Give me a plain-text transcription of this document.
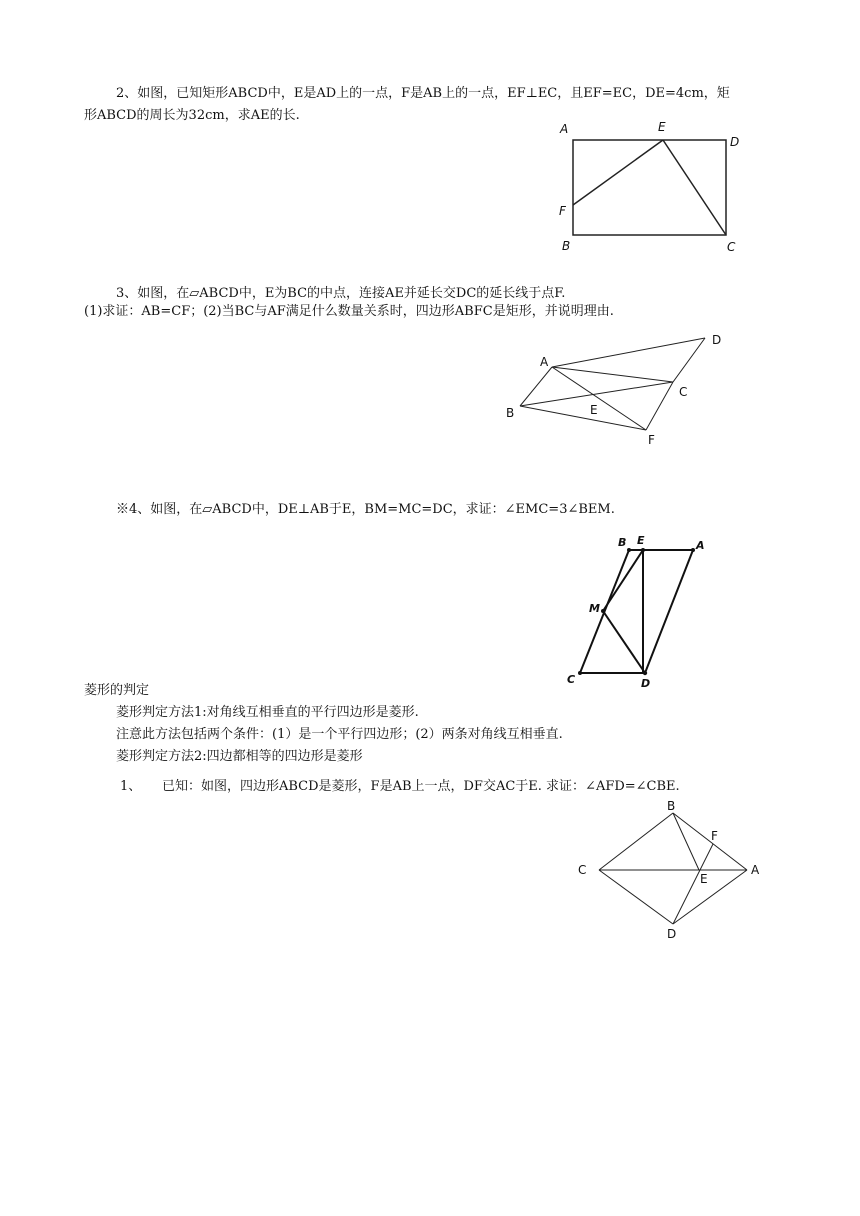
2、如图，已知矩形ABCD中，E是AD上的一点，F是AB上的一点，EF⊥EC，且EF=EC，DE=4cm，矩
形ABCD的周长为32cm，求AE的长.
A	E
D
F
B	C
3、如图，在▱ABCD中，E为BC的中点，连接AE并延长交DC的延长线于点F.
(1)求证：AB=CF；(2)当BC与AF满足什么数量关系时，四边形ABFC是矩形，并说明理由.
A
D
C
B	E
F
※4、如图，在▱ABCD中，DE⊥AB于E，BM=MC=DC，求证：∠EMC=3∠BEM.
B E	A
M
C	D
菱形的判定
菱形判定方法1:对角线互相垂直的平行四边形是菱形.
注意此方法包括两个条件：(1）是一个平行四边形；(2）两条对角线互相垂直.
菱形判定方法2:四边都相等的四边形是菱形
1、 已知：如图，四边形ABCD是菱形，F是AB上一点，DF交AC于E. 求证：∠AFD=∠CBE.
B
F
C
E
A
D
